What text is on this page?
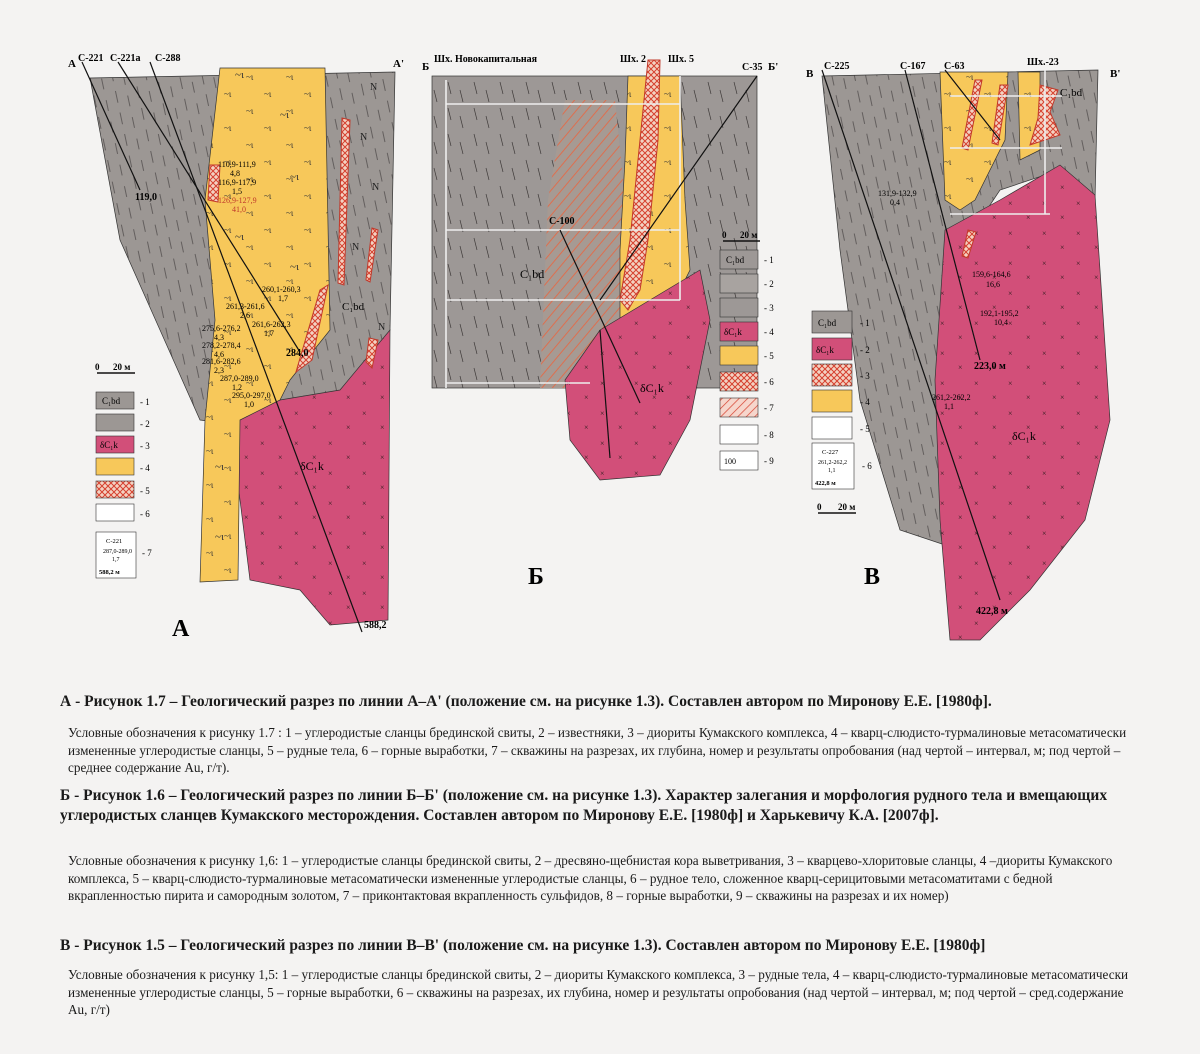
А	А'
С-221 С-221а С-288
119,0
284,0
588,2
110,9-111,9
4,8
116,9-117,9
1,5
126,9-127,9
41,0
260,1-260,3
1,7
261,3-261,6
2,6
261,6-262,3
1,7
275,6-276,2
4,3
278,2-278,4
4,6
281,6-282,6
2,3
287,0-289,0
1,2
295,0-297,0
1,0
C₁bd
δC₁k
~ι
~ι
~ι
~ι
~ι
~ι
~ι
N
N
N
N
N
А
0 20 м
C₁bd
δC₁k
- 1
- 2
- 3
- 4
- 5
- 6
- 7
С-221
287,0-289,0
1,7
588,2 м
Б	Б'
Шх. Новокапитальная	Шх. 2 Шх. 5
С-35
С-100
C₁bd
δC₁k
Б
0 20 м
C₁bd
δC₁k
100
- 1
- 2
- 3
- 4
- 5
- 6
- 7
- 8
- 9
В	В'
С-225	С-167 С-63	Шх.-23
223,0 м
422,8 м
131,9-132,9
0,4
159,6-164,6
16,6
192,1-195,2
10,4
261,2-262,2
1,1
C₁bd
δC₁k
В
C₁bd
δC₁k
- 1
- 2
- 3
- 4
- 5
- 6
С-227
261,2-262,2
1,1
422,8 м
0 20 м

А - Рисунок 1.7 – Геологический разрез по линии А–А' (положение см. на рисунке 1.3). Составлен автором по Миронову Е.Е. [1980ф].

Условные обозначения к рисунку 1.7 : 1 – углеродистые сланцы брединской свиты, 2 – известняки, 3 – диориты Кумакского комплекса, 4 – кварц-слюдисто-турмалиновые метасоматически измененные углеродистые сланцы, 5 – рудные тела, 6 – горные выработки, 7 – скважины на разрезах, их глубина, номер и результаты опробования (над чертой – интервал, м; под чертой – среднее содержание Au, г/т).

Б - Рисунок 1.6 – Геологический разрез по линии Б–Б' (положение см. на рисунке 1.3). Характер залегания и морфология рудного тела и вмещающих углеродистых сланцев Кумакского месторождения. Составлен автором по Миронову Е.Е. [1980ф] и Харькевичу К.А. [2007ф].

Условные обозначения к рисунку 1,6: 1 – углеродистые сланцы брединской свиты, 2 – дресвяно-щебнистая кора выветривания, 3 – кварцево-хлоритовые сланцы, 4 –диориты Кумакского комплекса, 5 – кварц-слюдисто-турмалиновые метасоматически измененные углеродистые сланцы, 6 – рудное тело, сложенное кварц-серицитовыми метасоматитами с бедной вкрапленностью пирита и самородным золотом, 7 – приконтактовая вкрапленность сульфидов, 8 – горные выработки, 9 – скважины на разрезах и их номер)

В - Рисунок 1.5 – Геологический разрез по линии В–В' (положение см. на рисунке 1.3). Составлен автором по Миронову Е.Е. [1980ф]

Условные обозначения к рисунку 1,5: 1 – углеродистые сланцы брединской свиты, 2 – диориты Кумакского комплекса, 3 – рудные тела, 4 – кварц-слюдисто-турмалиновые метасоматически измененные углеродистые сланцы, 5 – горные выработки, 6 – скважины на разрезах, их глубина, номер и результаты опробования (над чертой – интервал, м; под чертой – сред.содержание Au, г/т)
